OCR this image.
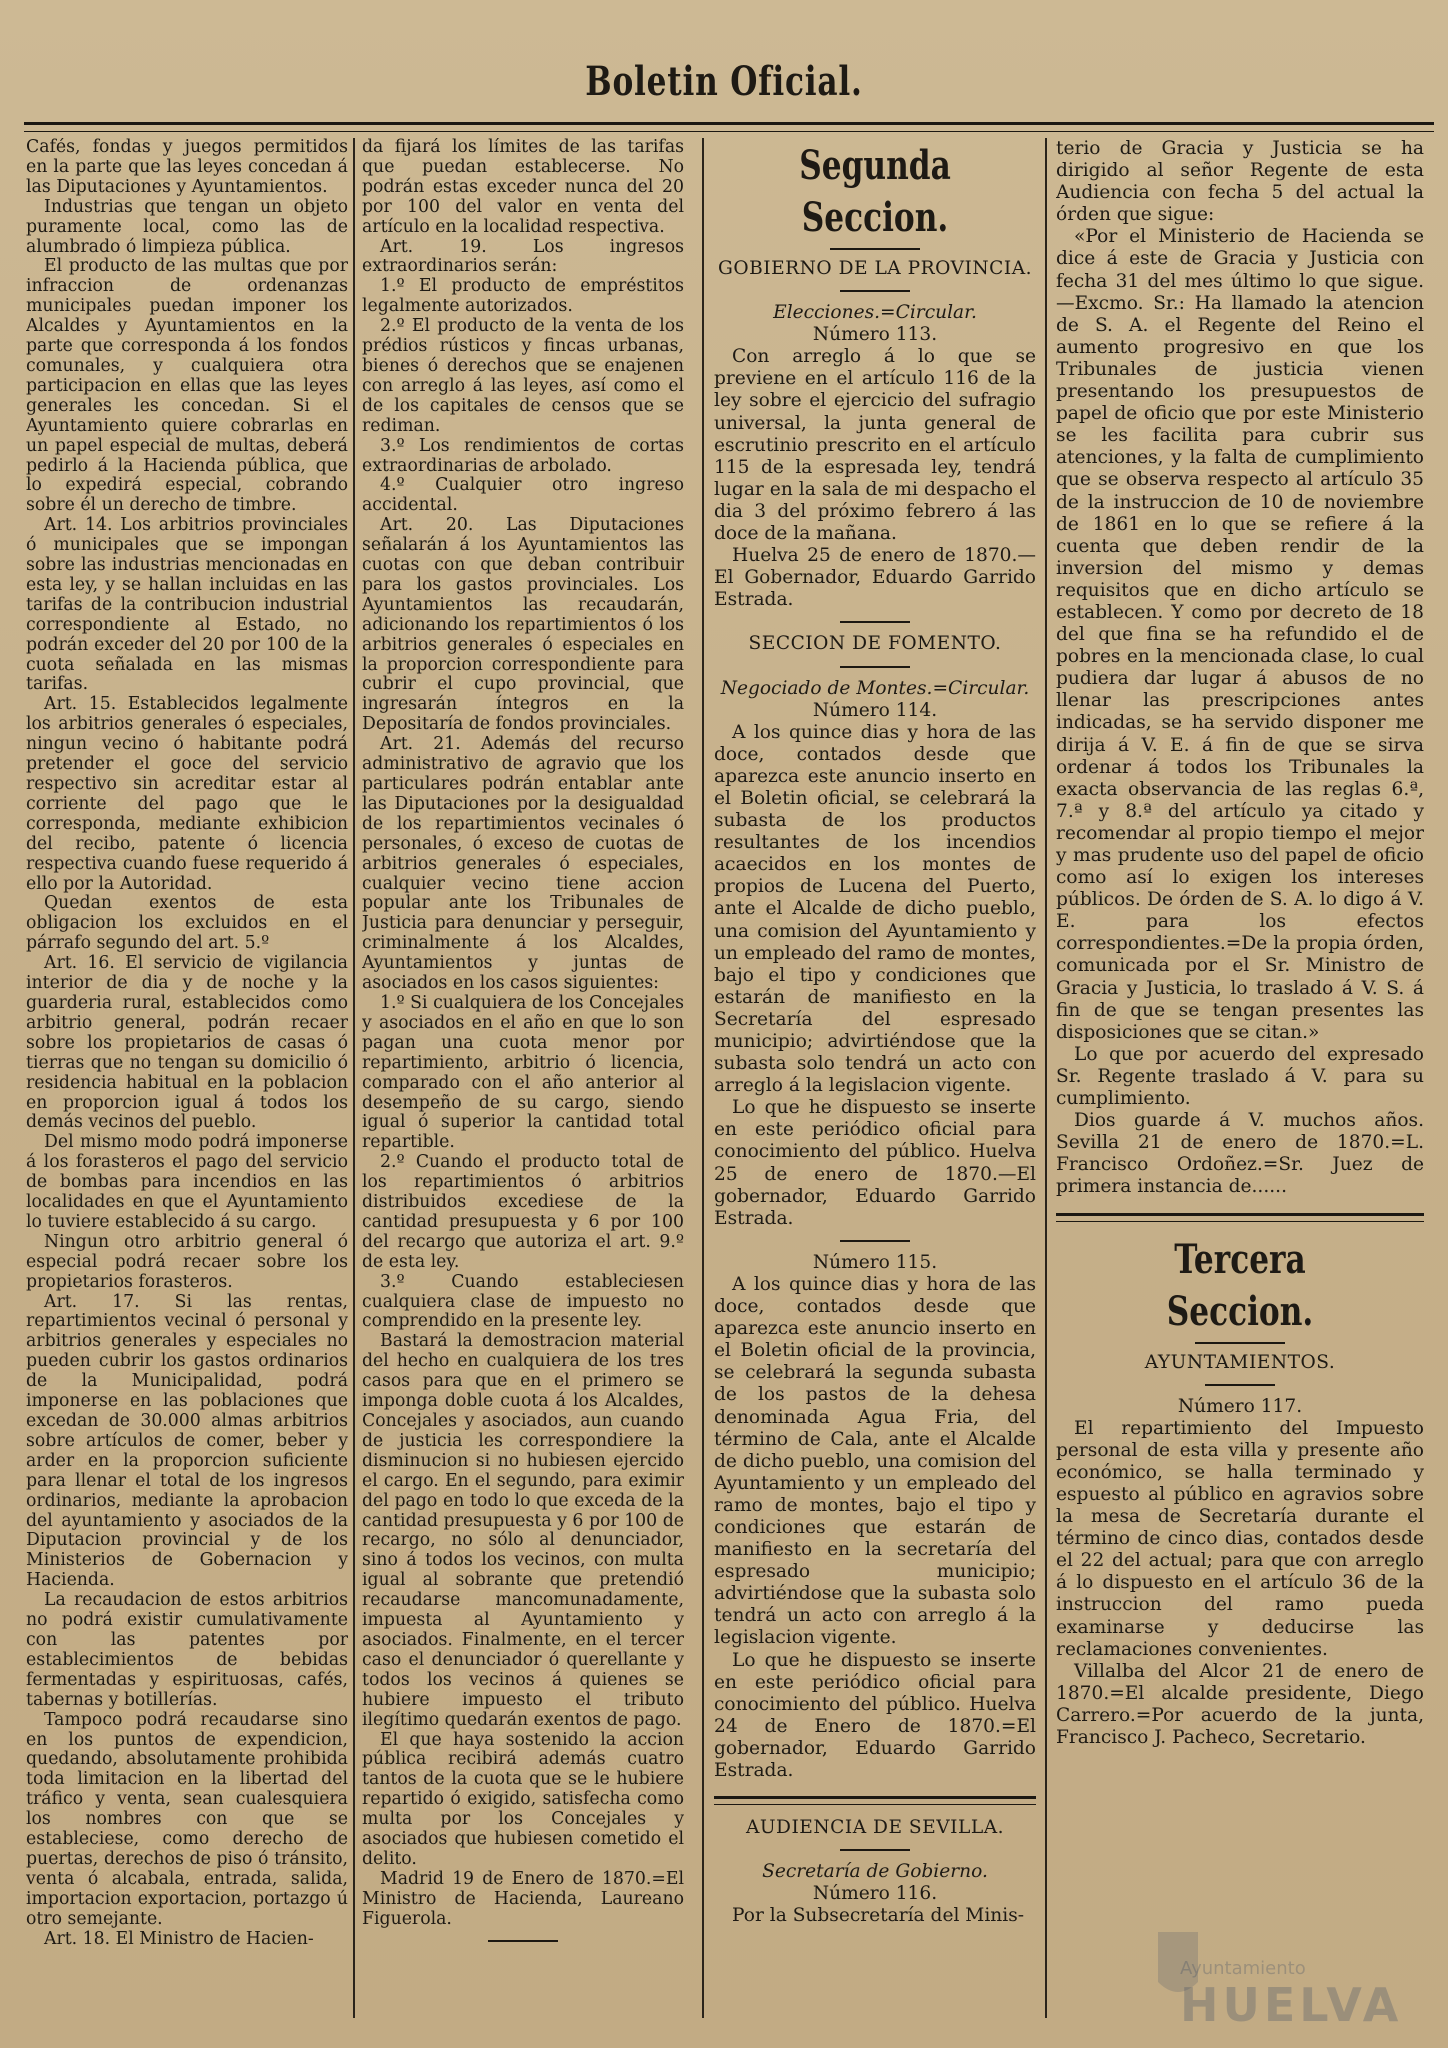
Boletin Oficial.

Cafés, fondas y juegos permitidos en la parte que las leyes concedan á las Diputaciones y Ayuntamientos.

Industrias que tengan un objeto puramente local, como las de alumbrado ó limpieza pública.

El producto de las multas que por infraccion de ordenanzas municipales puedan imponer los Alcaldes y Ayuntamientos en la parte que corresponda á los fondos comunales, y cualquiera otra participacion en ellas que las leyes generales les concedan. Si el Ayuntamiento quiere cobrarlas en un papel especial de multas, deberá pedirlo á la Hacienda pública, que lo expedirá especial, cobrando sobre él un derecho de timbre.

Art. 14. Los arbitrios provinciales ó municipales que se impongan sobre las industrias mencionadas en esta ley, y se hallan incluidas en las tarifas de la contribucion industrial correspondiente al Estado, no podrán exceder del 20 por 100 de la cuota señalada en las mismas tarifas.

Art. 15. Establecidos legalmente los arbitrios generales ó especiales, ningun vecino ó habitante podrá pretender el goce del servicio respectivo sin acreditar estar al corriente del pago que le corresponda, mediante exhibicion del recibo, patente ó licencia respectiva cuando fuese requerido á ello por la Autoridad.

Quedan exentos de esta obligacion los excluidos en el párrafo segundo del art. 5.º

Art. 16. El servicio de vigilancia interior de dia y de noche y la guarderia rural, establecidos como arbitrio general, podrán recaer sobre los propietarios de casas ó tierras que no tengan su domicilio ó residencia habitual en la poblacion en proporcion igual á todos los demás vecinos del pueblo.

Del mismo modo podrá imponerse á los forasteros el pago del servicio de bombas para incendios en las localidades en que el Ayuntamiento lo tuviere establecido á su cargo.

Ningun otro arbitrio general ó especial podrá recaer sobre los propietarios forasteros.

Art. 17. Si las rentas, repartimientos vecinal ó personal y arbitrios generales y especiales no pueden cubrir los gastos ordinarios de la Municipalidad, podrá imponerse en las poblaciones que excedan de 30.000 almas arbitrios sobre artículos de comer, beber y arder en la proporcion suficiente para llenar el total de los ingresos ordinarios, mediante la aprobacion del ayuntamiento y asociados de la Diputacion provincial y de los Ministerios de Gobernacion y Hacienda.

La recaudacion de estos arbitrios no podrá existir cumulativamente con las patentes por establecimientos de bebidas fermentadas y espirituosas, cafés, tabernas y botillerías.

Tampoco podrá recaudarse sino en los puntos de expendicion, quedando, absolutamente prohibida toda limitacion en la libertad del tráfico y venta, sean cualesquiera los nombres con que se estableciese, como derecho de puertas, derechos de piso ó tránsito, venta ó alcabala, entrada, salida, importacion exportacion, portazgo ú otro semejante.

Art. 18. El Ministro de Hacien-

da fijará los límites de las tarifas que puedan establecerse. No podrán estas exceder nunca del 20 por 100 del valor en venta del artículo en la localidad respectiva.

Art. 19. Los ingresos extraordinarios serán:

1.º El producto de empréstitos legalmente autorizados.

2.º El producto de la venta de los prédios rústicos y fincas urbanas, bienes ó derechos que se enajenen con arreglo á las leyes, así como el de los capitales de censos que se rediman.

3.º Los rendimientos de cortas extraordinarias de arbolado.

4.º Cualquier otro ingreso accidental.

Art. 20. Las Diputaciones señalarán á los Ayuntamientos las cuotas con que deban contribuir para los gastos provinciales. Los Ayuntamientos las recaudarán, adicionando los repartimientos ó los arbitrios generales ó especiales en la proporcion correspondiente para cubrir el cupo provincial, que ingresarán íntegros en la Depositaría de fondos provinciales.

Art. 21. Además del recurso administrativo de agravio que los particulares podrán entablar ante las Diputaciones por la desigualdad de los repartimientos vecinales ó personales, ó exceso de cuotas de arbitrios generales ó especiales, cualquier vecino tiene accion popular ante los Tribunales de Justicia para denunciar y perseguir, criminalmente á los Alcaldes, Ayuntamientos y juntas de asociados en los casos siguientes:

1.º Si cualquiera de los Concejales y asociados en el año en que lo son pagan una cuota menor por repartimiento, arbitrio ó licencia, comparado con el año anterior al desempeño de su cargo, siendo igual ó superior la cantidad total repartible.

2.º Cuando el producto total de los repartimientos ó arbitrios distribuidos excediese de la cantidad presupuesta y 6 por 100 del recargo que autoriza el art. 9.º de esta ley.

3.º Cuando estableciesen cualquiera clase de impuesto no comprendido en la presente ley.

Bastará la demostracion material del hecho en cualquiera de los tres casos para que en el primero se imponga doble cuota á los Alcaldes, Concejales y asociados, aun cuando de justicia les correspondiere la disminucion si no hubiesen ejercido el cargo. En el segundo, para eximir del pago en todo lo que exceda de la cantidad presupuesta y 6 por 100 de recargo, no sólo al denunciador, sino á todos los vecinos, con multa igual al sobrante que pretendió recaudarse mancomunadamente, impuesta al Ayuntamiento y asociados. Finalmente, en el tercer caso el denunciador ó querellante y todos los vecinos á quienes se hubiere impuesto el tributo ilegítimo quedarán exentos de pago.

El que haya sostenido la accion pública recibirá además cuatro tantos de la cuota que se le hubiere repartido ó exigido, satisfecha como multa por los Concejales y asociados que hubiesen cometido el delito.

Madrid 19 de Enero de 1870.=El Ministro de Hacienda, Laureano Figuerola.

Segunda Seccion.

GOBIERNO DE LA PROVINCIA.

Elecciones.=Circular.

Número 113.

Con arreglo á lo que se previene en el artículo 116 de la ley sobre el ejercicio del sufragio universal, la junta general de escrutinio prescrito en el artículo 115 de la espresada ley, tendrá lugar en la sala de mi despacho el dia 3 del próximo febrero á las doce de la mañana.

Huelva 25 de enero de 1870.—El Gobernador, Eduardo Garrido Estrada.

SECCION DE FOMENTO.

Negociado de Montes.=Circular.

Número 114.

A los quince dias y hora de las doce, contados desde que aparezca este anuncio inserto en el Boletin oficial, se celebrará la subasta de los productos resultantes de los incendios acaecidos en los montes de propios de Lucena del Puerto, ante el Alcalde de dicho pueblo, una comision del Ayuntamiento y un empleado del ramo de montes, bajo el tipo y condiciones que estarán de manifiesto en la Secretaría del espresado municipio; advirtiéndose que la subasta solo tendrá un acto con arreglo á la legislacion vigente.

Lo que he dispuesto se inserte en este periódico oficial para conocimiento del público. Huelva 25 de enero de 1870.—El gobernador, Eduardo Garrido Estrada.

Número 115.

A los quince dias y hora de las doce, contados desde que aparezca este anuncio inserto en el Boletin oficial de la provincia, se celebrará la segunda subasta de los pastos de la dehesa denominada Agua Fria, del término de Cala, ante el Alcalde de dicho pueblo, una comision del Ayuntamiento y un empleado del ramo de montes, bajo el tipo y condiciones que estarán de manifiesto en la secretaría del espresado municipio; advirtiéndose que la subasta solo tendrá un acto con arreglo á la legislacion vigente.

Lo que he dispuesto se inserte en este periódico oficial para conocimiento del público. Huelva 24 de Enero de 1870.=El gobernador, Eduardo Garrido Estrada.

AUDIENCIA DE SEVILLA.

Secretaría de Gobierno.

Número 116.

Por la Subsecretaría del Minis-

terio de Gracia y Justicia se ha dirigido al señor Regente de esta Audiencia con fecha 5 del actual la órden que sigue:

«Por el Ministerio de Hacienda se dice á este de Gracia y Justicia con fecha 31 del mes último lo que sigue.—Excmo. Sr.: Ha llamado la atencion de S. A. el Regente del Reino el aumento progresivo en que los Tribunales de justicia vienen presentando los presupuestos de papel de oficio que por este Ministerio se les facilita para cubrir sus atenciones, y la falta de cumplimiento que se observa respecto al artículo 35 de la instruccion de 10 de noviembre de 1861 en lo que se refiere á la cuenta que deben rendir de la inversion del mismo y demas requisitos que en dicho artículo se establecen. Y como por decreto de 18 del que fina se ha refundido el de pobres en la mencionada clase, lo cual pudiera dar lugar á abusos de no llenar las prescripciones antes indicadas, se ha servido disponer me dirija á V. E. á fin de que se sirva ordenar á todos los Tribunales la exacta observancia de las reglas 6.ª, 7.ª y 8.ª del artículo ya citado y recomendar al propio tiempo el mejor y mas prudente uso del papel de oficio como así lo exigen los intereses públicos. De órden de S. A. lo digo á V. E. para los efectos correspondientes.=De la propia órden, comunicada por el Sr. Ministro de Gracia y Justicia, lo traslado á V. S. á fin de que se tengan presentes las disposiciones que se citan.»

Lo que por acuerdo del expresado Sr. Regente traslado á V. para su cumplimiento.

Dios guarde á V. muchos años. Sevilla 21 de enero de 1870.=L. Francisco Ordoñez.=Sr. Juez de primera instancia de......

Tercera Seccion.

AYUNTAMIENTOS.

Número 117.

El repartimiento del Impuesto personal de esta villa y presente año económico, se halla terminado y espuesto al público en agravios sobre la mesa de Secretaría durante el término de cinco dias, contados desde el 22 del actual; para que con arreglo á lo dispuesto en el artículo 36 de la instruccion del ramo pueda examinarse y deducirse las reclamaciones convenientes.

Villalba del Alcor 21 de enero de 1870.=El alcalde presidente, Diego Carrero.=Por acuerdo de la junta, Francisco J. Pacheco, Secretario.

Ayuntamiento
HUELVA
